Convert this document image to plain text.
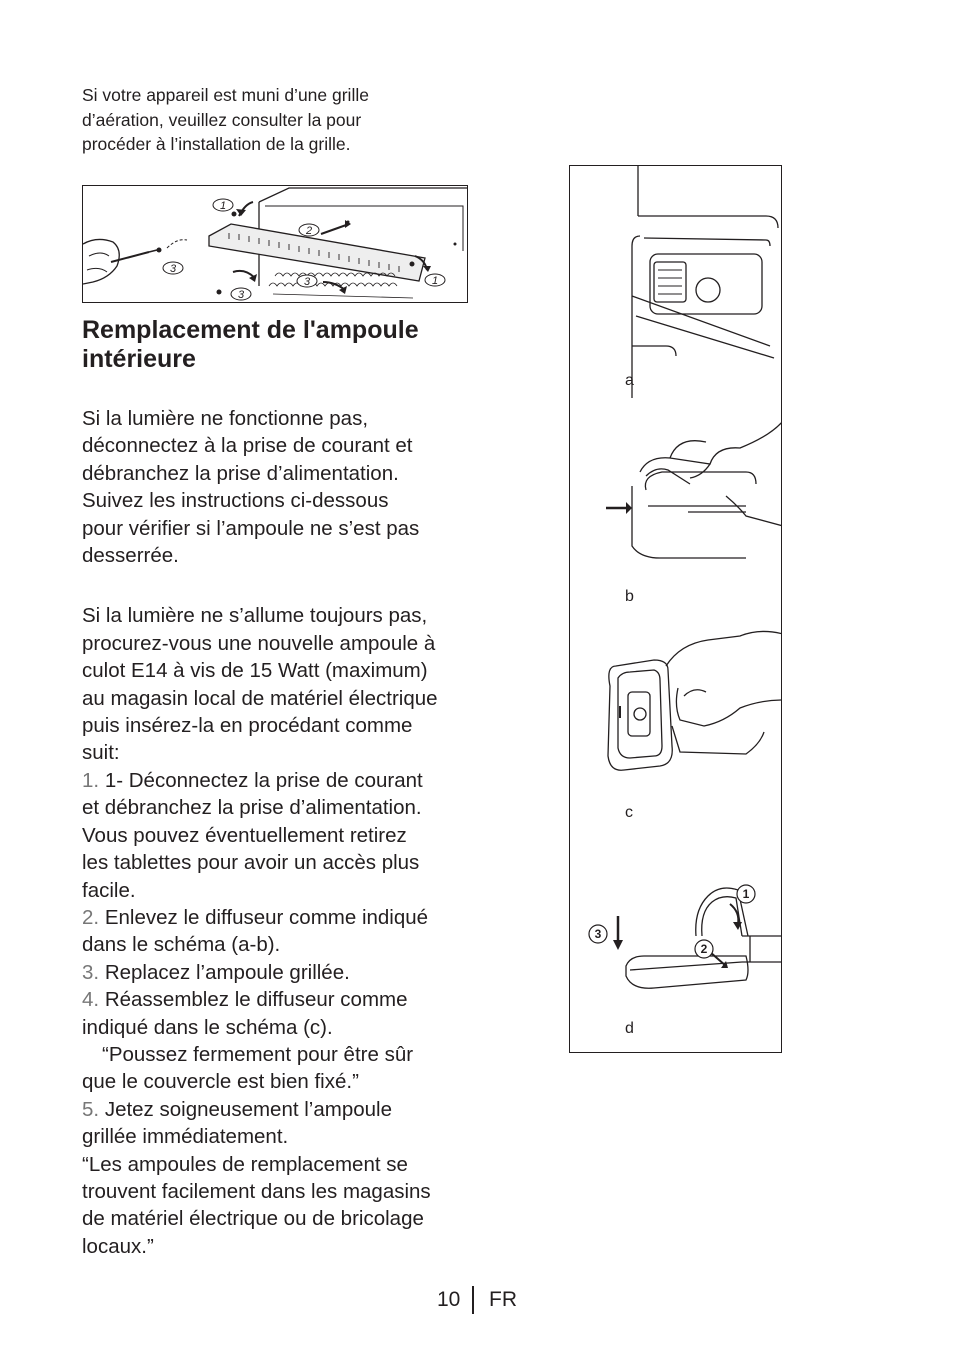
Si votre appareil est muni d’une grille
d’aération, veuillez consulter la pour
procéder à l’installation de la grille.

1
2
3
3
3
1
Remplacement de l'ampoule
intérieure

Si la lumière ne fonctionne pas,
déconnectez à la prise de courant et
débranchez la prise d’alimentation.
Suivez les instructions ci-dessous
pour vérifier si l’ampoule ne s’est pas
desserrée.

Si la lumière ne s’allume toujours pas,
procurez-vous une nouvelle ampoule à
culot E14 à vis de 15 Watt (maximum)
au magasin local de matériel électrique
puis insérez-la en procédant comme
suit:

1. 1- Déconnectez la prise de courant
et débranchez la prise d’alimentation.
Vous pouvez éventuellement retirez
les tablettes pour avoir un accès plus
facile.

2. Enlevez le diffuseur comme indiqué
dans le schéma (a-b).

3. Replacez l’ampoule grillée.

4. Réassemblez le diffuseur comme
indiqué dans le schéma (c).

“Poussez fermement pour être sûr
que le couvercle est bien fixé.”

5. Jetez soigneusement l’ampoule
grillée immédiatement.

“Les ampoules de remplacement se
trouvent facilement dans les magasins
de matériel électrique ou de bricolage
locaux.”

1
2
3
a
b
c
d
10 FR
